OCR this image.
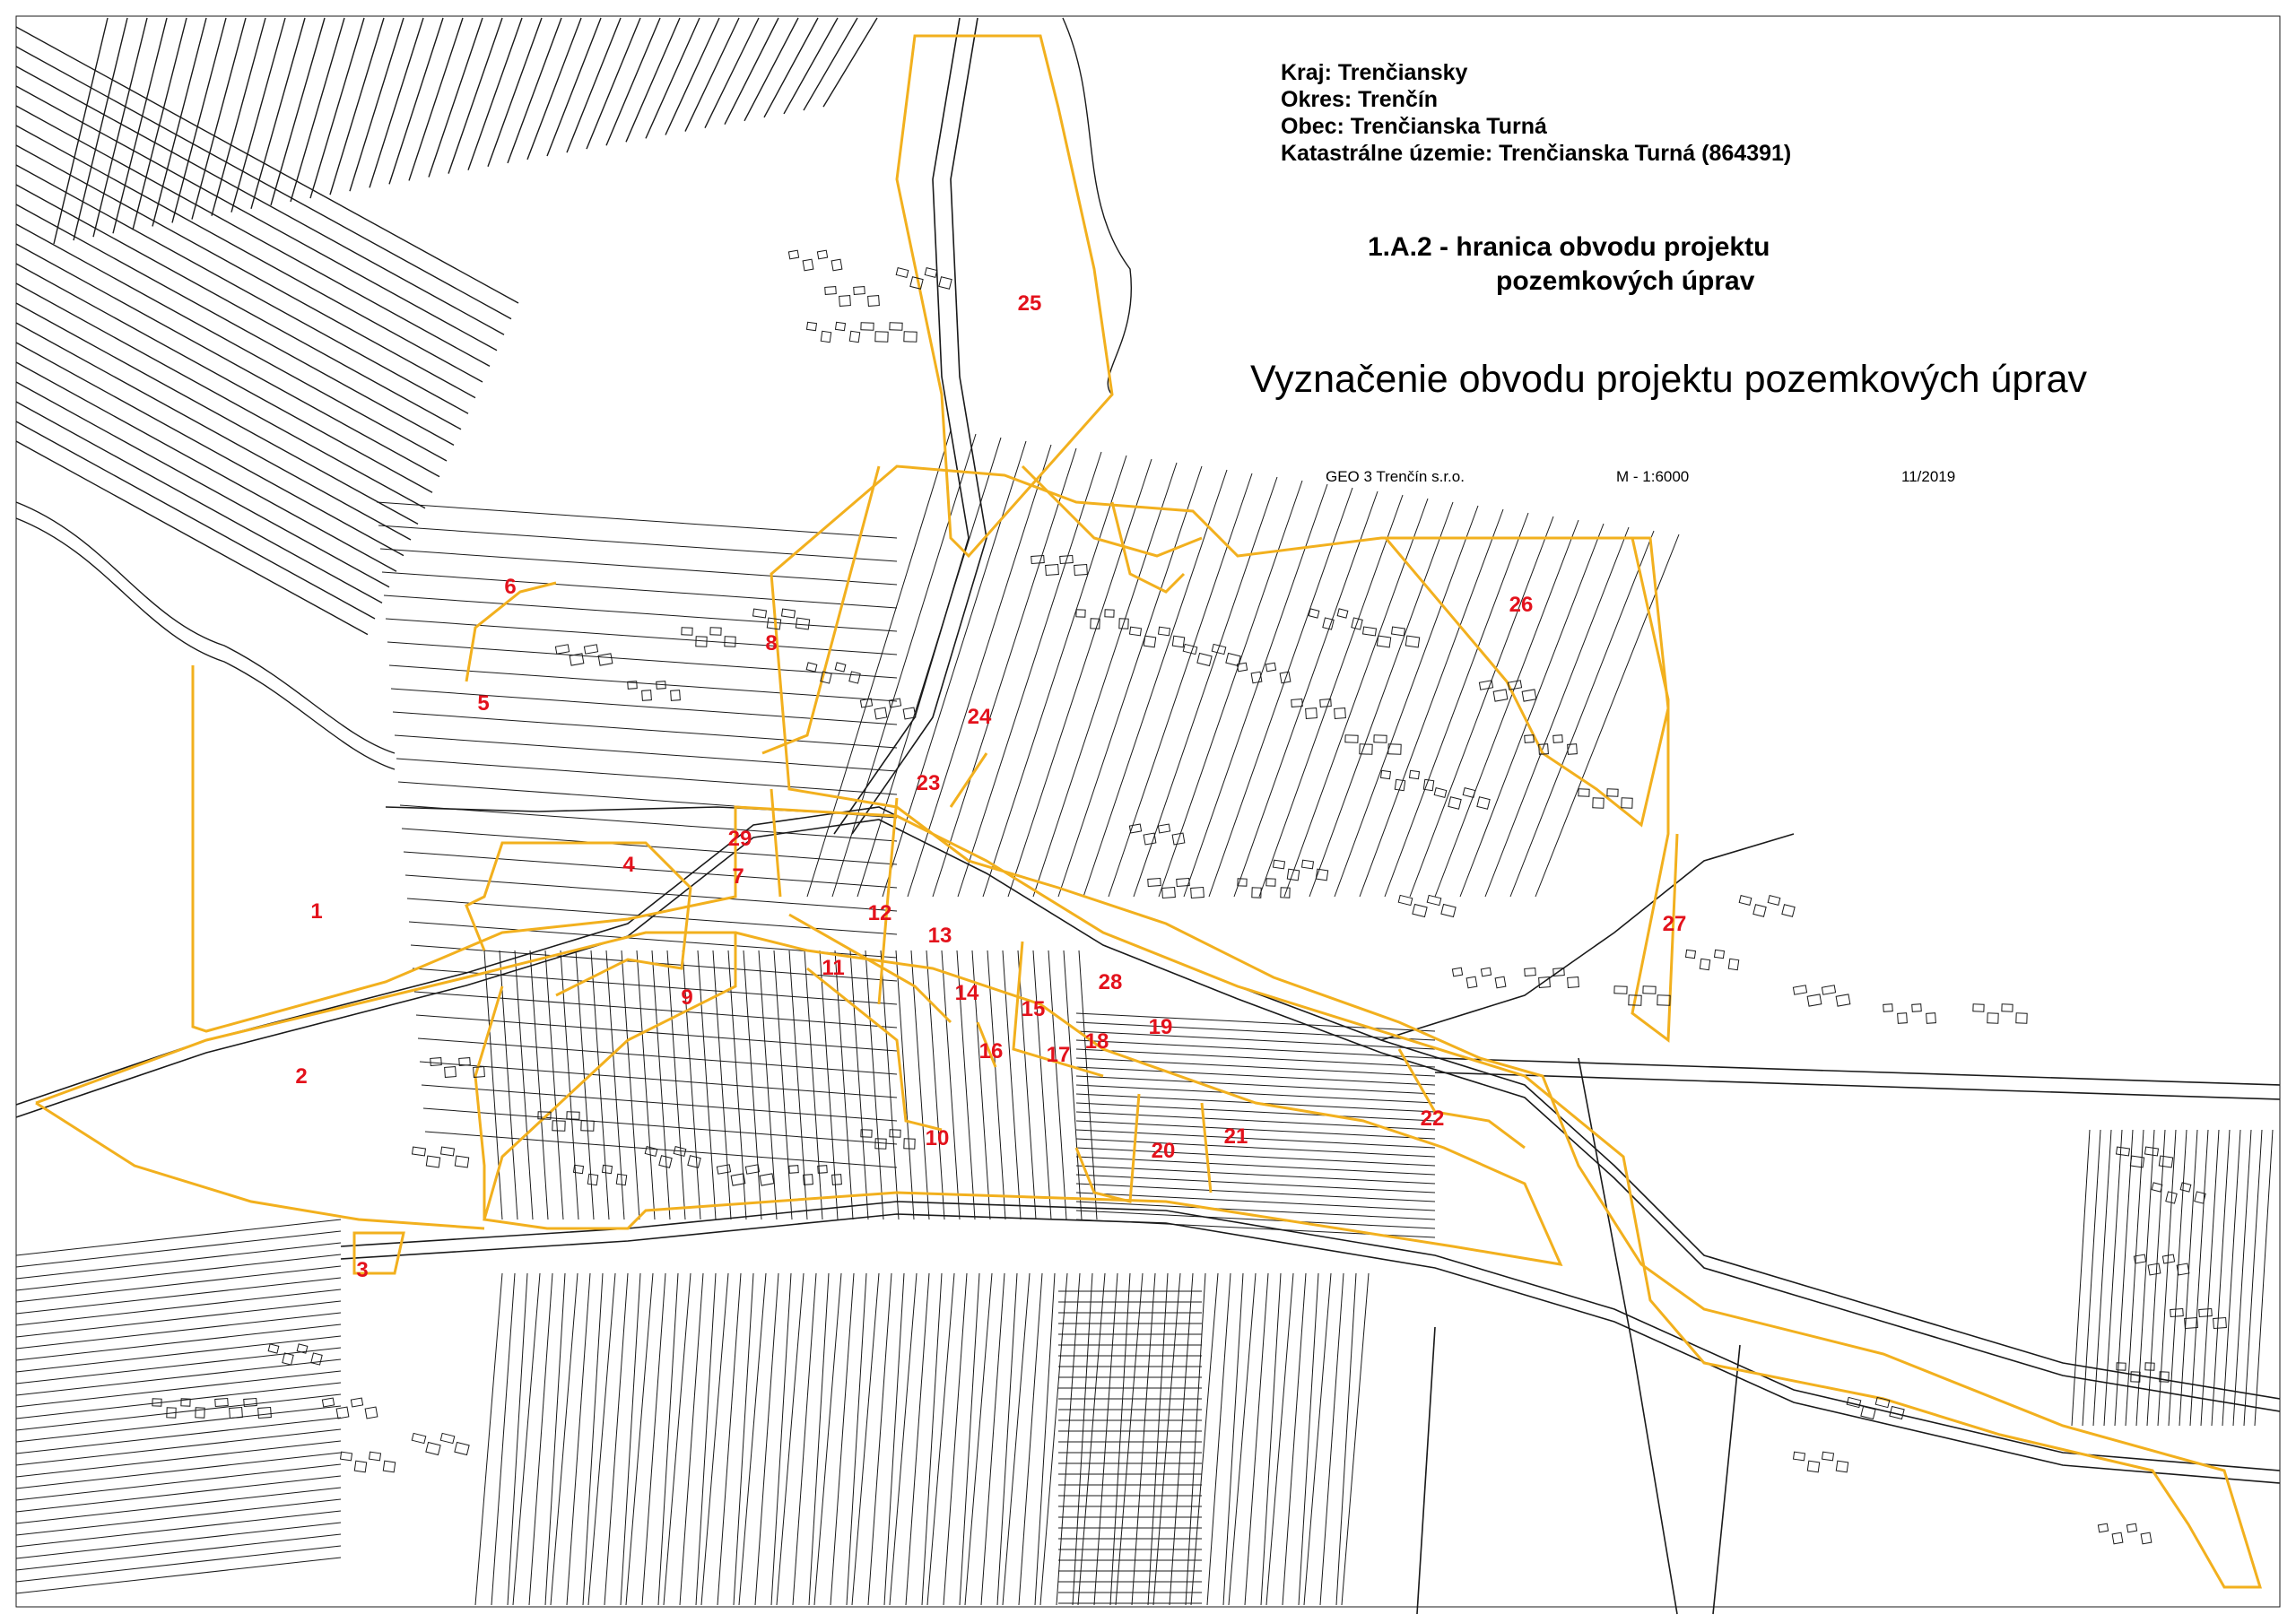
Kraj: Trenčiansky
Okres: Trenčín
Obec: Trenčianska Turná
Katastrálne územie: Trenčianska Turná (864391)
1.A.2 - hranica obvodu projektu
pozemkových úprav
Vyznačenie obvodu projektu pozemkových úprav
GEO 3 Trenčín s.r.o.	M - 1:6000	11/2019
1
2
3
4
5
6
7
8
9
10
11
12
13
14
15
16 17
18
19
20
21
22
23
24
25
26
27
28
29
